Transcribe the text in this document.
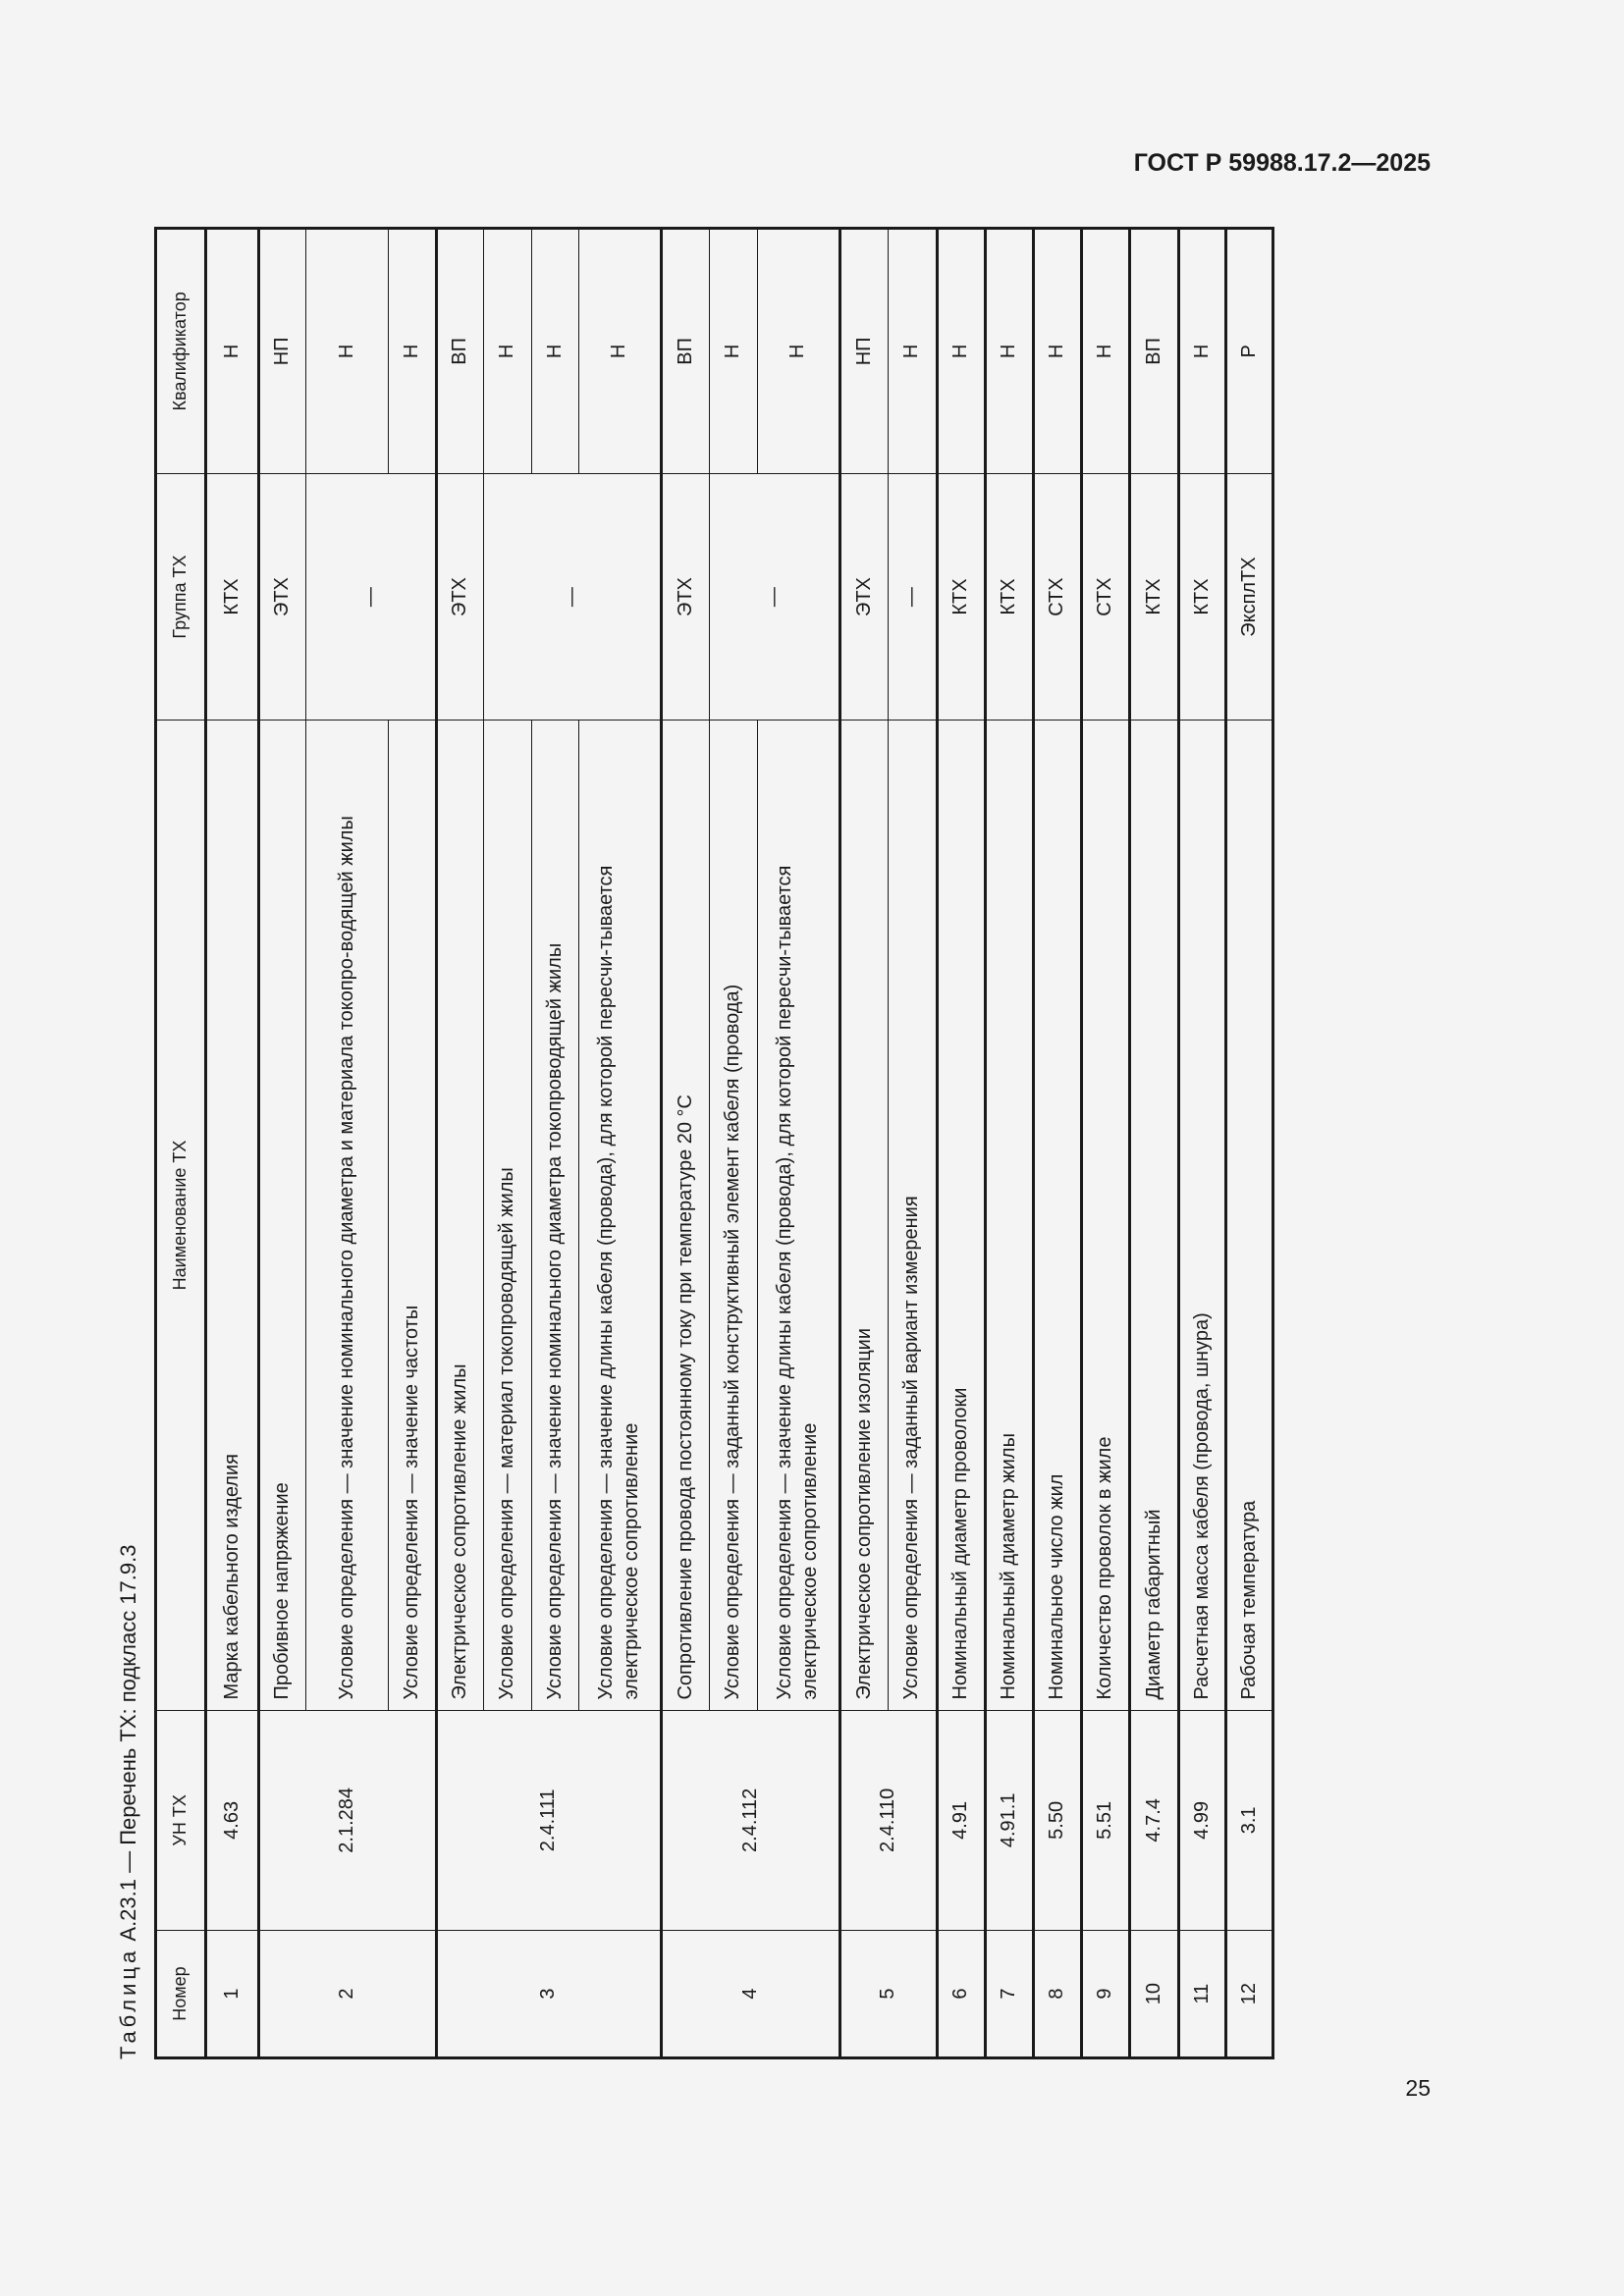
ГОСТ Р 59988.17.2—2025
Таблица А.23.1 — Перечень ТХ: подкласс 17.9.3
Номер	УН ТХ	Наименование ТХ	Группа ТХ	Квалификатор
1	4.63	Марка кабельного изделия	КТХ	Н
2	2.1.284	Пробивное напряжение	ЭТХ	НП
		Условие определения — значение номинального диаметра и материала токопро-водящей жилы	—	Н
		Условие определения — значение частоты		Н
3	2.4.111	Электрическое сопротивление жилы	ЭТХ	ВП
		Условие определения — материал токопроводящей жилы	—	Н
		Условие определения — значение номинального диаметра токопроводящей жилы		Н
		Условие определения — значение длины кабеля (провода), для которой пересчи-тывается электрическое сопротивление		Н
4	2.4.112	Сопротивление провода постоянному току при температуре 20 °С	ЭТХ	ВП
		Условие определения — заданный конструктивный элемент кабеля (провода)	—	Н
		Условие определения — значение длины кабеля (провода), для которой пересчи-тывается электрическое сопротивление		Н
5	2.4.110	Электрическое сопротивление изоляции	ЭТХ	НП
		Условие определения — заданный вариант измерения	—	Н
6	4.91	Номинальный диаметр проволоки	КТХ	Н
7	4.91.1	Номинальный диаметр жилы	КТХ	Н
8	5.50	Номинальное число жил	СТХ	Н
9	5.51	Количество проволок в жиле	СТХ	Н
10	4.7.4	Диаметр габаритный	КТХ	ВП
11	4.99	Расчетная масса кабеля (провода, шнура)	КТХ	Н
12	3.1	Рабочая температура	ЭксплТХ	Р
25
